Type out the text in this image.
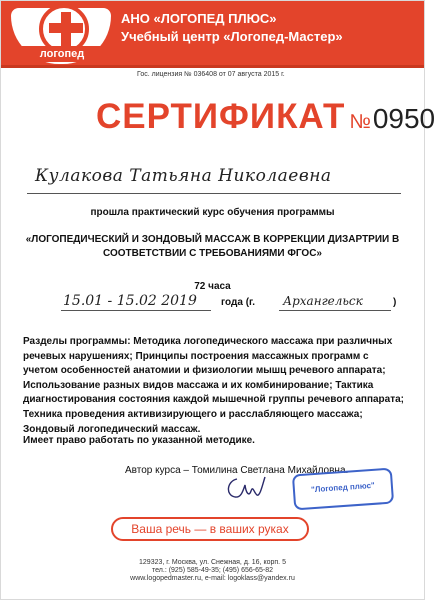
логопед
АНО «ЛОГОПЕД ПЛЮС»
Учебный центр «Логопед-Мастер»
Гос. лицензия № 036408 от 07 августа 2015 г.
СЕРТИФИКАТ №0950
Кулакова Татьяна Николаевна
прошла практический курс обучения программы
«ЛОГОПЕДИЧЕСКИЙ И ЗОНДОВЫЙ МАССАЖ В КОРРЕКЦИИ ДИЗАРТРИИ В СООТВЕТСТВИИ С ТРЕБОВАНИЯМИ ФГОС»
72 часа
15.01 - 15.02 2019 года (г. Архангельск	)
Разделы программы: Методика логопедического массажа при различных речевых нарушениях; Принципы построения массажных программ с учетом особенностей анатомии и физиологии мышц речевого аппарата; Использование разных видов массажа и их комбинирование; Тактика диагностирования состояния каждой мышечной группы речевого аппарата; Техника проведения активизирующего и расслабляющего массажа; Зондовый логопедический массаж.
Имеет право работать по указанной методике.
Автор курса – Томилина Светлана Михайловна.
"Логопед плюс"
Ваша речь — в ваших руках
129323, г. Москва, ул. Снежная, д. 16, корп. 5
тел.: (925) 585-49-35; (495) 656-65-82
www.logopedmaster.ru, e-mail: logoklass@yandex.ru
